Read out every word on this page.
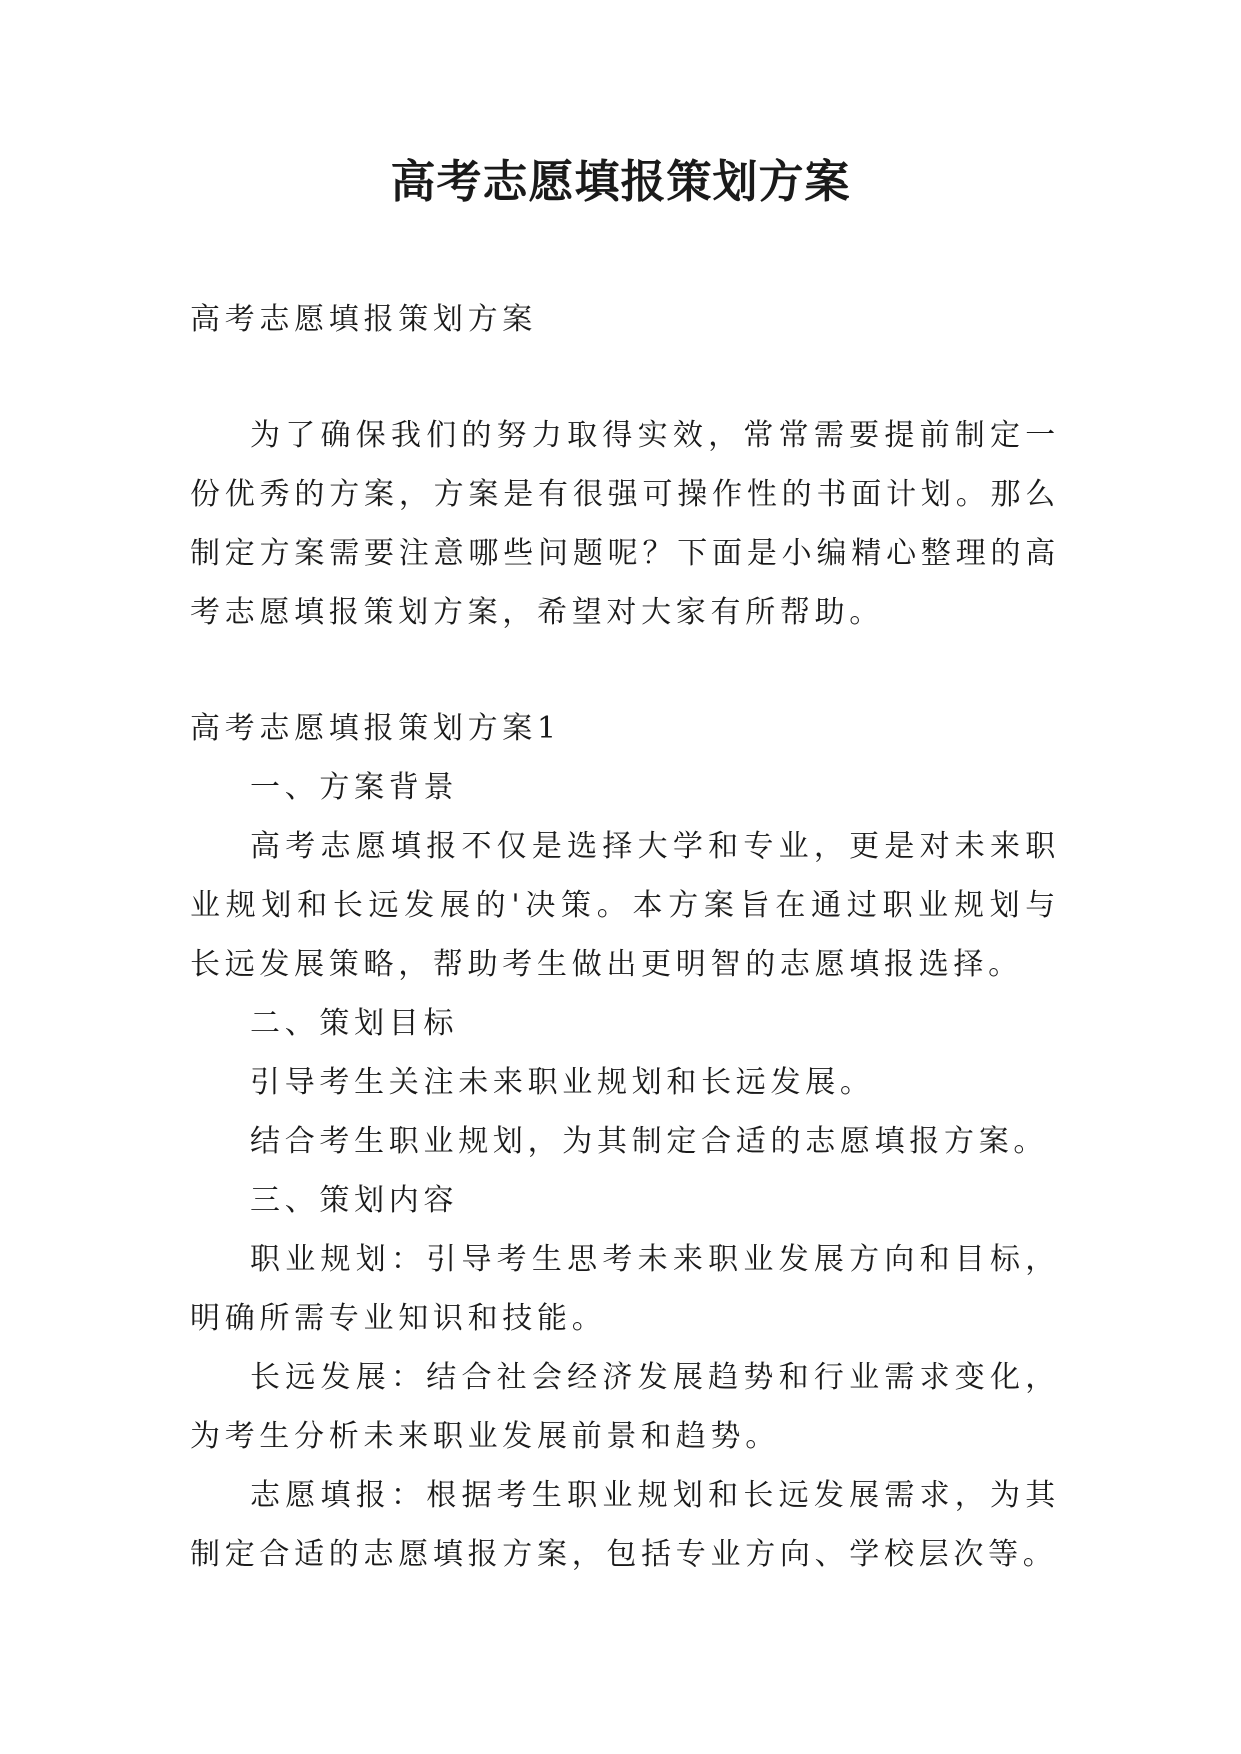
高考志愿填报策划方案

高考志愿填报策划方案

为了确保我们的努力取得实效，常常需要提前制定一份优秀的方案，方案是有很强可操作性的书面计划。那么制定方案需要注意哪些问题呢？下面是小编精心整理的高考志愿填报策划方案，希望对大家有所帮助。

高考志愿填报策划方案1

一、方案背景

高考志愿填报不仅是选择大学和专业，更是对未来职业规划和长远发展的'决策。本方案旨在通过职业规划与长远发展策略，帮助考生做出更明智的志愿填报选择。

二、策划目标

引导考生关注未来职业规划和长远发展。

结合考生职业规划，为其制定合适的志愿填报方案。

三、策划内容

职业规划：引导考生思考未来职业发展方向和目标，明确所需专业知识和技能。

长远发展：结合社会经济发展趋势和行业需求变化，为考生分析未来职业发展前景和趋势。

志愿填报：根据考生职业规划和长远发展需求，为其制定合适的志愿填报方案，包括专业方向、学校层次等。
